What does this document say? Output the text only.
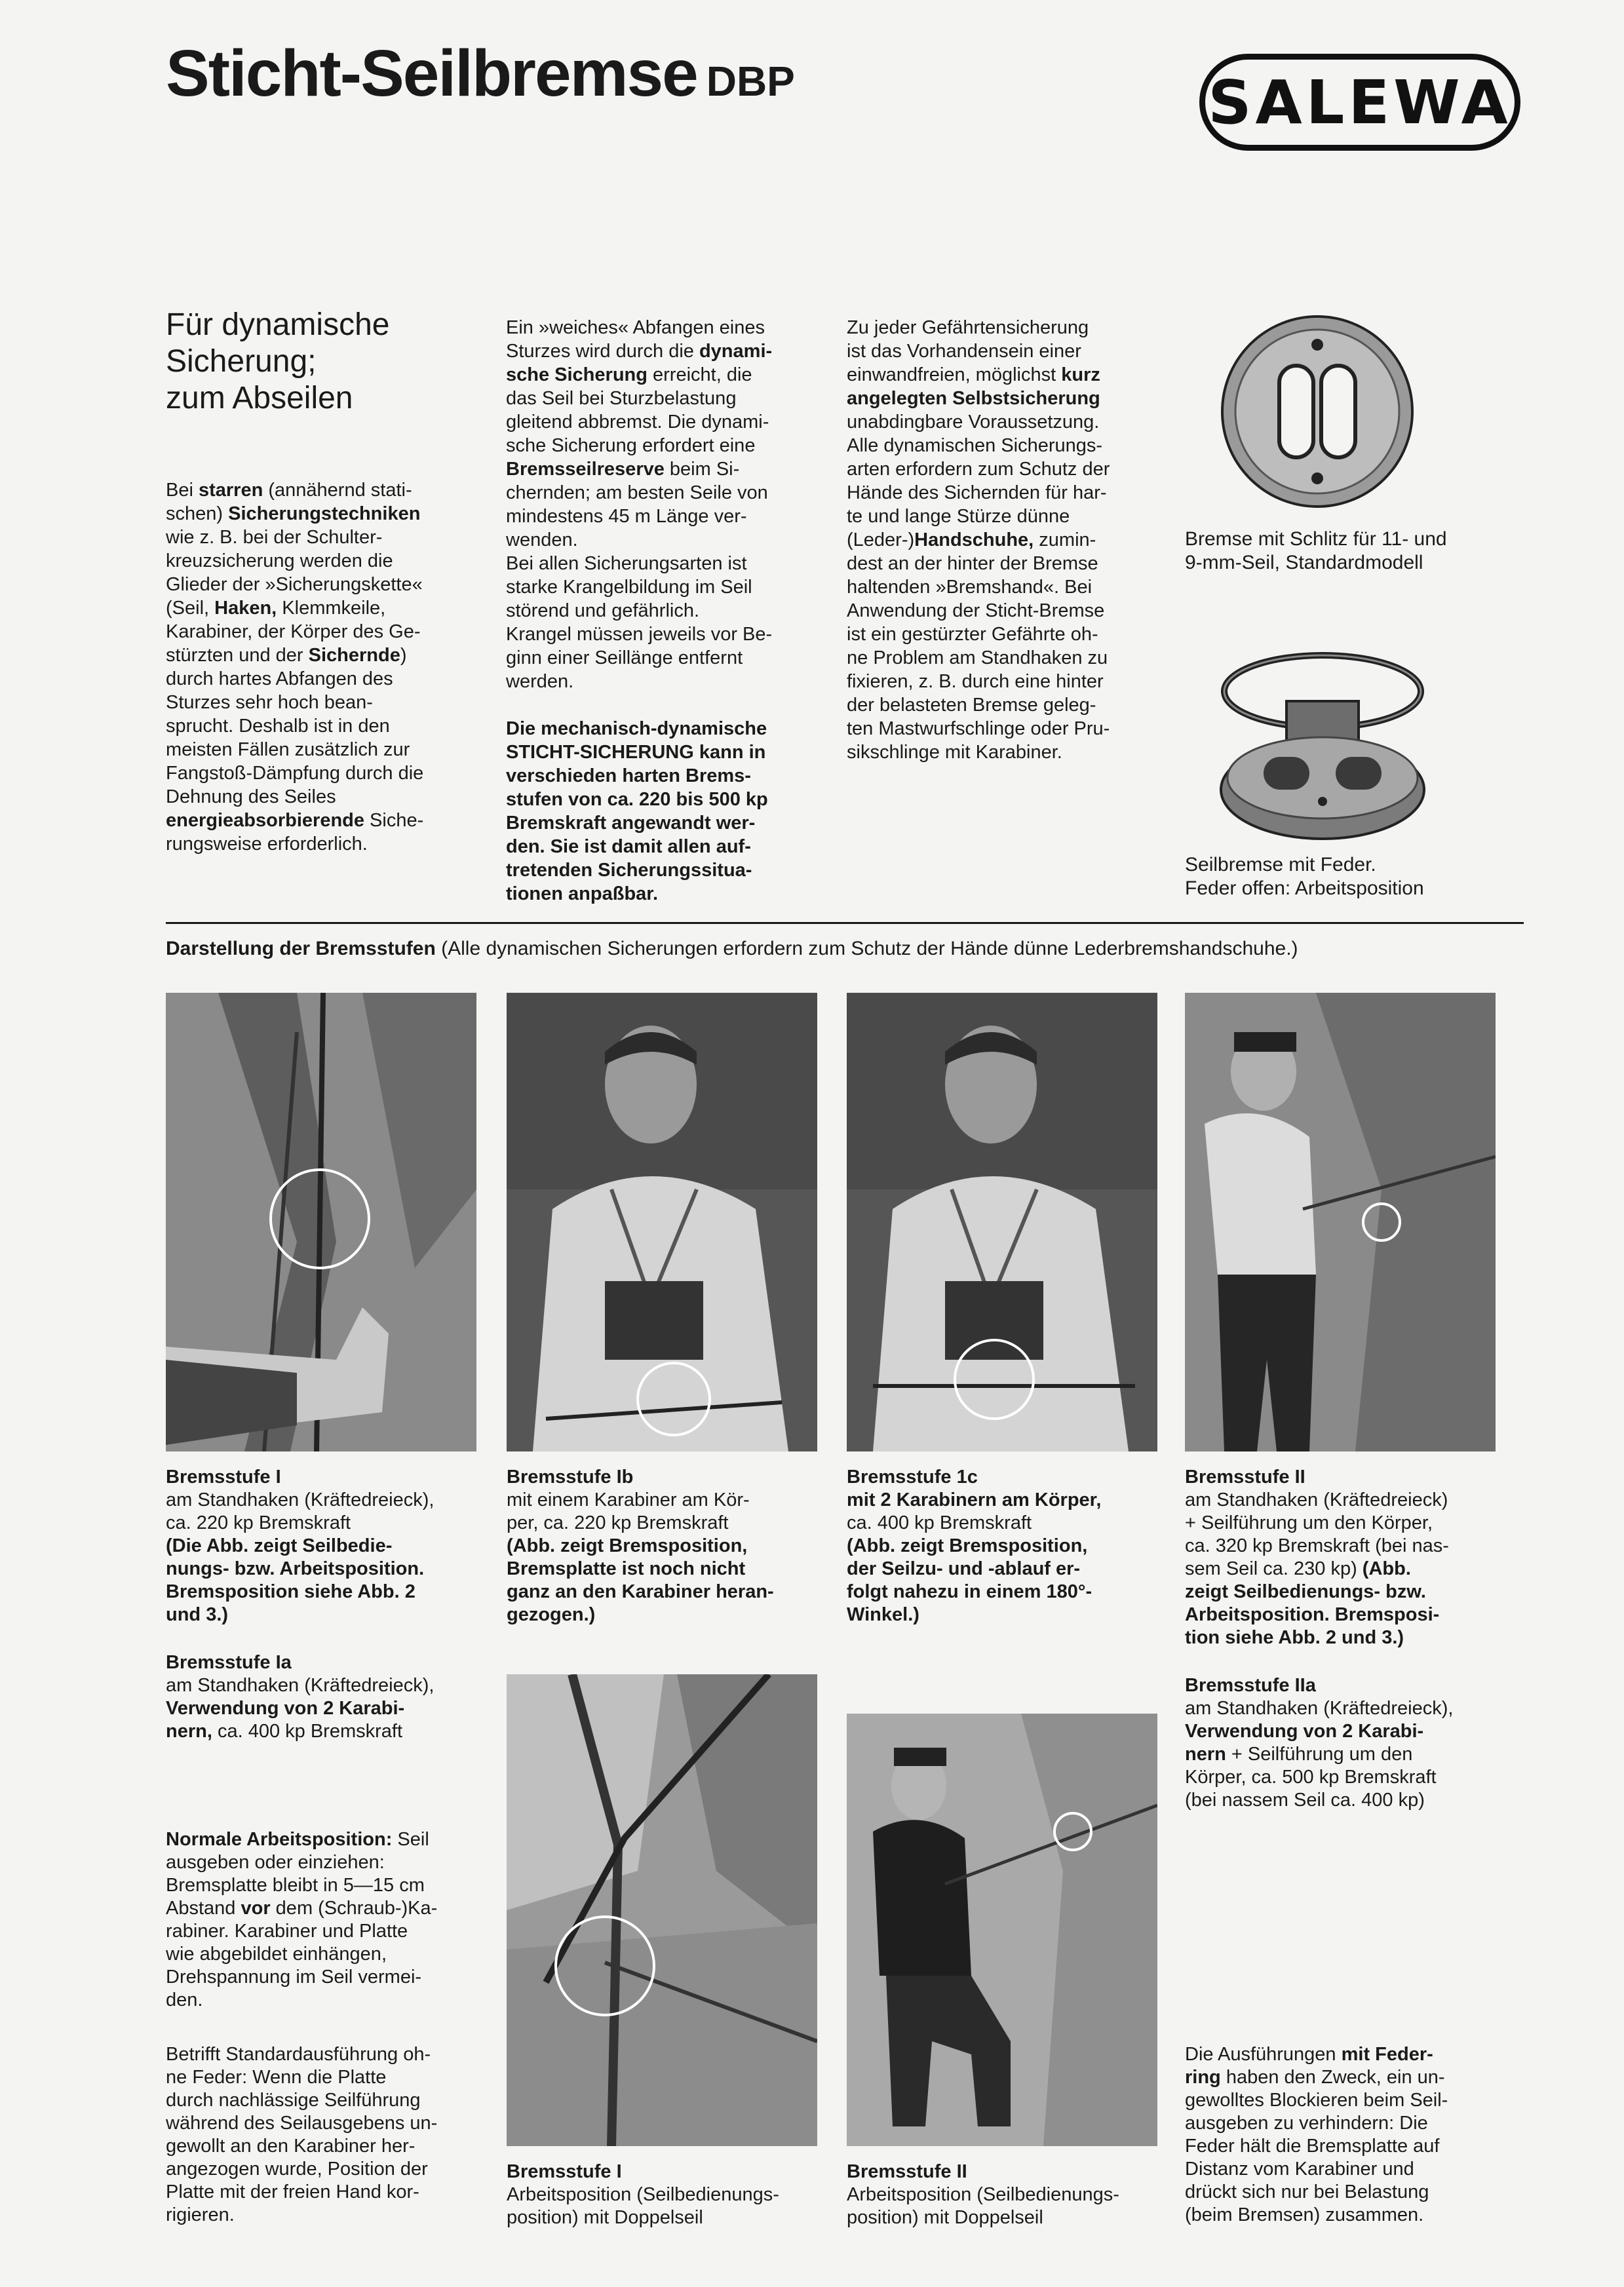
Sticht-Seilbremse DBP	SALEWA
Für dynamische
Sicherung;
zum Abseilen
Bei starren (annähernd stati-
schen) Sicherungstechniken
wie z. B. bei der Schulter-
kreuzsicherung werden die
Glieder der »Sicherungskette«
(Seil, Haken, Klemmkeile,
Karabiner, der Körper des Ge-
stürzten und der Sichernde)
durch hartes Abfangen des
Sturzes sehr hoch bean-
sprucht. Deshalb ist in den
meisten Fällen zusätzlich zur
Fangstoß-Dämpfung durch die
Dehnung des Seiles
energieabsorbierende Siche-
rungsweise erforderlich.
Ein »weiches« Abfangen eines
Sturzes wird durch die dynami-
sche Sicherung erreicht, die
das Seil bei Sturzbelastung
gleitend abbremst. Die dynami-
sche Sicherung erfordert eine
Bremsseilreserve beim Si-
chernden; am besten Seile von
mindestens 45 m Länge ver-
wenden.
Bei allen Sicherungsarten ist
starke Krangelbildung im Seil
störend und gefährlich.
Krangel müssen jeweils vor Be-
ginn einer Seillänge entfernt
werden.
Die mechanisch-dynamische
STICHT-SICHERUNG kann in
verschieden harten Brems-
stufen von ca. 220 bis 500 kp
Bremskraft angewandt wer-
den. Sie ist damit allen auf-
tretenden Sicherungssitua-
tionen anpaßbar.
Zu jeder Gefährtensicherung
ist das Vorhandensein einer
einwandfreien, möglichst kurz
angelegten Selbstsicherung
unabdingbare Voraussetzung.
Alle dynamischen Sicherungs-
arten erfordern zum Schutz der
Hände des Sichernden für har-
te und lange Stürze dünne
(Leder-)Handschuhe, zumin-
dest an der hinter der Bremse
haltenden »Bremshand«. Bei
Anwendung der Sticht-Bremse
ist ein gestürzter Gefährte oh-
ne Problem am Standhaken zu
fixieren, z. B. durch eine hinter
der belasteten Bremse geleg-
ten Mastwurfschlinge oder Pru-
sikschlinge mit Karabiner.
Bremse mit Schlitz für 11- und
9-mm-Seil, Standardmodell
Seilbremse mit Feder.
Feder offen: Arbeitsposition
Darstellung der Bremsstufen (Alle dynamischen Sicherungen erfordern zum Schutz der Hände dünne Lederbremshandschuhe.)
Bremsstufe I
am Standhaken (Kräftedreieck),
ca. 220 kp Bremskraft
(Die Abb. zeigt Seilbedie-
nungs- bzw. Arbeitsposition.
Bremsposition siehe Abb. 2
und 3.)
Bremsstufe Ia
am Standhaken (Kräftedreieck),
Verwendung von 2 Karabi-
nern, ca. 400 kp Bremskraft
Bremsstufe Ib
mit einem Karabiner am Kör-
per, ca. 220 kp Bremskraft
(Abb. zeigt Bremsposition,
Bremsplatte ist noch nicht
ganz an den Karabiner heran-
gezogen.)
Bremsstufe 1c
mit 2 Karabinern am Körper,
ca. 400 kp Bremskraft
(Abb. zeigt Bremsposition,
der Seilzu- und -ablauf er-
folgt nahezu in einem 180°-
Winkel.)
Bremsstufe II
am Standhaken (Kräftedreieck)
+ Seilführung um den Körper,
ca. 320 kp Bremskraft (bei nas-
sem Seil ca. 230 kp) (Abb.
zeigt Seilbedienungs- bzw.
Arbeitsposition. Bremsposi-
tion siehe Abb. 2 und 3.)
Bremsstufe IIa
am Standhaken (Kräftedreieck),
Verwendung von 2 Karabi-
nern + Seilführung um den
Körper, ca. 500 kp Bremskraft
(bei nassem Seil ca. 400 kp)
Normale Arbeitsposition: Seil
ausgeben oder einziehen:
Bremsplatte bleibt in 5—15 cm
Abstand vor dem (Schraub-)Ka-
rabiner. Karabiner und Platte
wie abgebildet einhängen,
Drehspannung im Seil vermei-
den.
Betrifft Standardausführung oh-
ne Feder: Wenn die Platte
durch nachlässige Seilführung
während des Seilausgebens un-
gewollt an den Karabiner her-
angezogen wurde, Position der
Platte mit der freien Hand kor-
rigieren.
Bremsstufe I
Arbeitsposition (Seilbedienungs-
position) mit Doppelseil
Bremsstufe II
Arbeitsposition (Seilbedienungs-
position) mit Doppelseil
Die Ausführungen mit Feder-
ring haben den Zweck, ein un-
gewolltes Blockieren beim Seil-
ausgeben zu verhindern: Die
Feder hält die Bremsplatte auf
Distanz vom Karabiner und
drückt sich nur bei Belastung
(beim Bremsen) zusammen.
